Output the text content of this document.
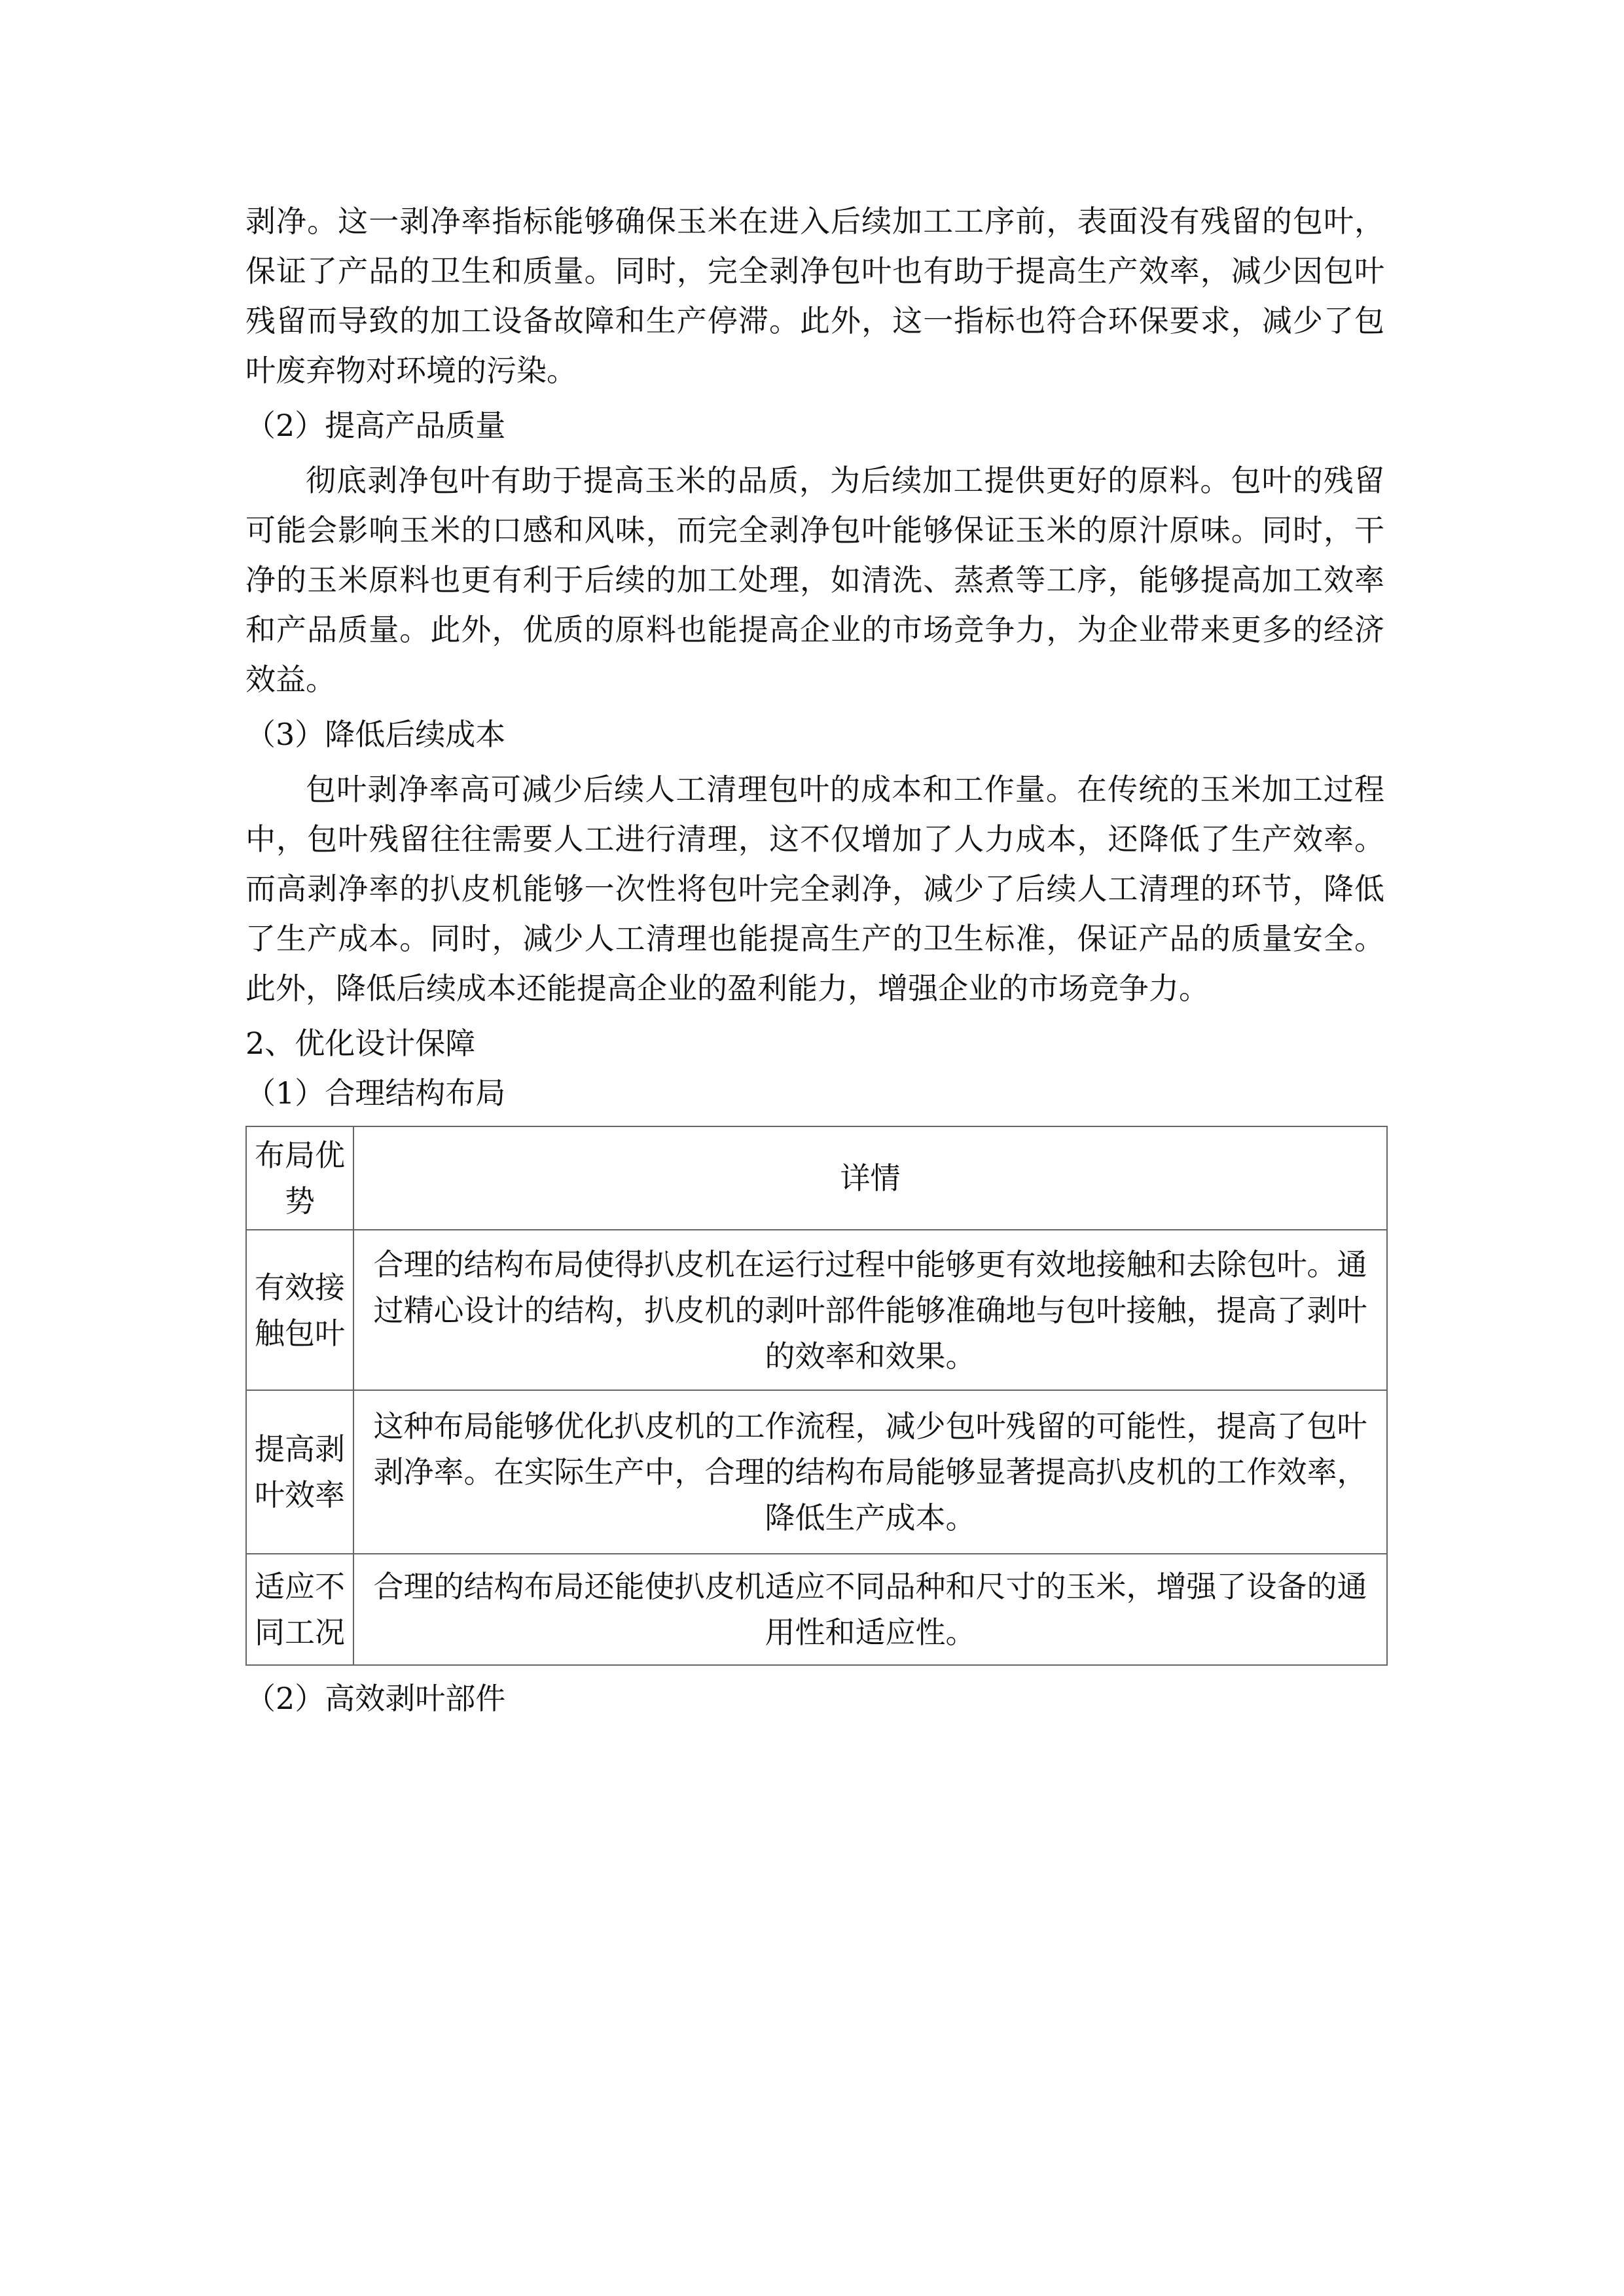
剥净。这一剥净率指标能够确保玉米在进入后续加工工序前，表面没有残留的包叶，保证了产品的卫生和质量。同时，完全剥净包叶也有助于提高生产效率，减少因包叶残留而导致的加工设备故障和生产停滞。此外，这一指标也符合环保要求，减少了包叶废弃物对环境的污染。

（2）提高产品质量

彻底剥净包叶有助于提高玉米的品质，为后续加工提供更好的原料。包叶的残留可能会影响玉米的口感和风味，而完全剥净包叶能够保证玉米的原汁原味。同时，干净的玉米原料也更有利于后续的加工处理，如清洗、蒸煮等工序，能够提高加工效率和产品质量。此外，优质的原料也能提高企业的市场竞争力，为企业带来更多的经济效益。

（3）降低后续成本

包叶剥净率高可减少后续人工清理包叶的成本和工作量。在传统的玉米加工过程中，包叶残留往往需要人工进行清理，这不仅增加了人力成本，还降低了生产效率。而高剥净率的扒皮机能够一次性将包叶完全剥净，减少了后续人工清理的环节，降低了生产成本。同时，减少人工清理也能提高生产的卫生标准，保证产品的质量安全。此外，降低后续成本还能提高企业的盈利能力，增强企业的市场竞争力。

2、优化设计保障

（1）合理结构布局

布局优势	详情
有效接触包叶	合理的结构布局使得扒皮机在运行过程中能够更有效地接触和去除包叶。通过精心设计的结构，扒皮机的剥叶部件能够准确地与包叶接触，提高了剥叶的效率和效果。
提高剥叶效率	这种布局能够优化扒皮机的工作流程，减少包叶残留的可能性，提高了包叶剥净率。在实际生产中，合理的结构布局能够显著提高扒皮机的工作效率，降低生产成本。
适应不同工况	合理的结构布局还能使扒皮机适应不同品种和尺寸的玉米，增强了设备的通用性和适应性。

（2）高效剥叶部件
